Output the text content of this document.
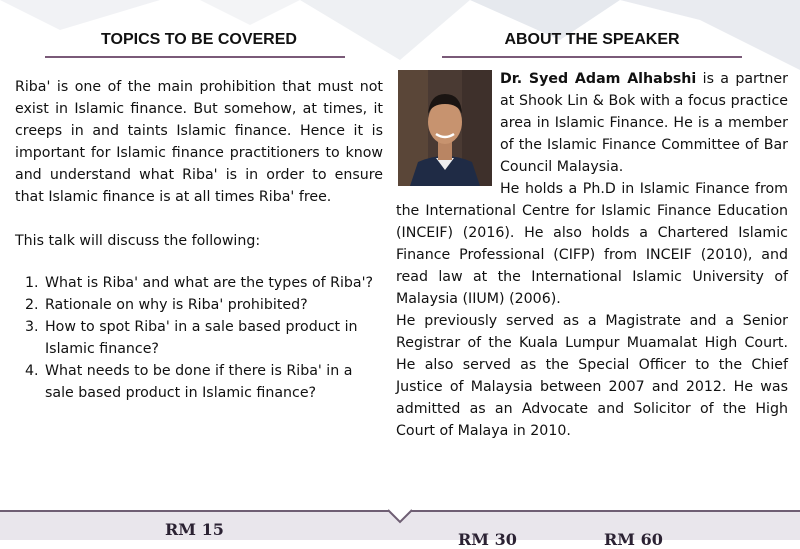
TOPICS TO BE COVERED

Riba' is one of the main prohibition that must not exist in Islamic finance. But somehow, at times, it creeps in and taints Islamic finance. Hence it is important for Islamic finance practitioners to know and understand what Riba' is in order to ensure that Islamic finance is at all times Riba' free.

This talk will discuss the following:

1. What is Riba' and what are the types of Riba'?
2. Rationale on why is Riba' prohibited?
3. How to spot Riba' in a sale based product in Islamic finance?
4. What needs to be done if there is Riba' in a sale based product in Islamic finance?
ABOUT THE SPEAKER

Dr. Syed Adam Alhabshi is a partner at Shook Lin & Bok with a focus practice area in Islamic Finance. He is a member of the Islamic Finance Committee of Bar Council Malaysia.

He holds a Ph.D in Islamic Finance from the International Centre for Islamic Finance Education (INCEIF) (2016). He also holds a Chartered Islamic Finance Professional (CIFP) from INCEIF (2010), and read law at the International Islamic University of Malaysia (IIUM) (2006).

He previously served as a Magistrate and a Senior Registrar of the Kuala Lumpur Muamalat High Court. He also served as the Special Officer to the Chief Justice of Malaysia between 2007 and 2012. He was admitted as an Advocate and Solicitor of the High Court of Malaya in 2010.

RM 15
RM 30	RM 60
